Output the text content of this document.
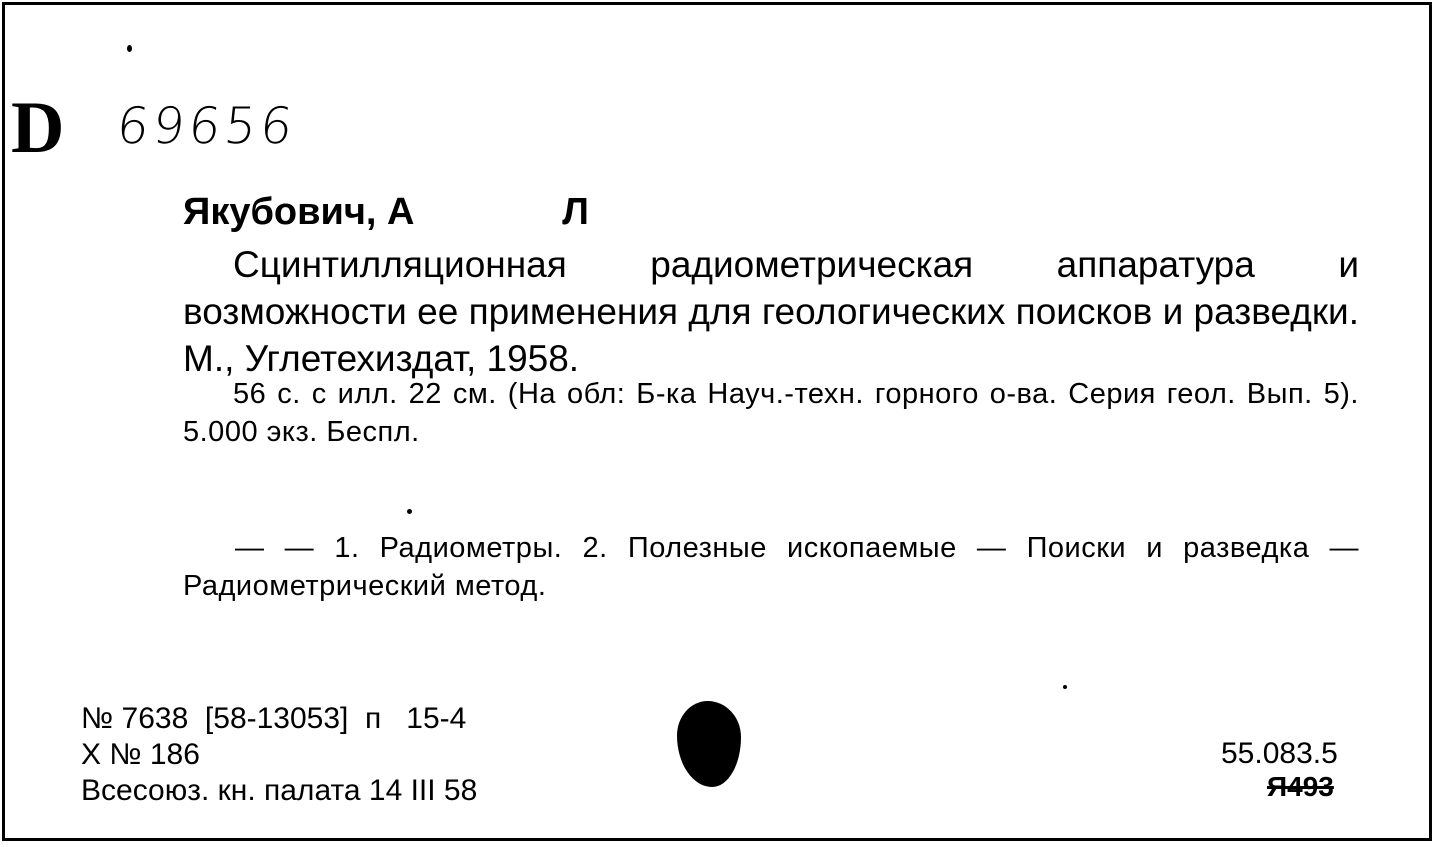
D 69656
Якубович, А              Л
Сцинтилляционная радиометрическая аппаратура и возможности ее применения для геологических поисков и разведки. М., Углетехиздат, 1958.
56 с. с илл. 22 см. (На обл: Б-ка Науч.-техн. горного о-ва. Серия геол. Вып. 5). 5.000 экз. Беспл.
— — 1. Радиометры. 2. Полезные ископаемые — Поиски и разведка — Радиометрический метод.
№ 7638  [58-13053]  п   15-4
Х № 186
Всесоюз. кн. палата 14 III 58
55.083.5
Я493
